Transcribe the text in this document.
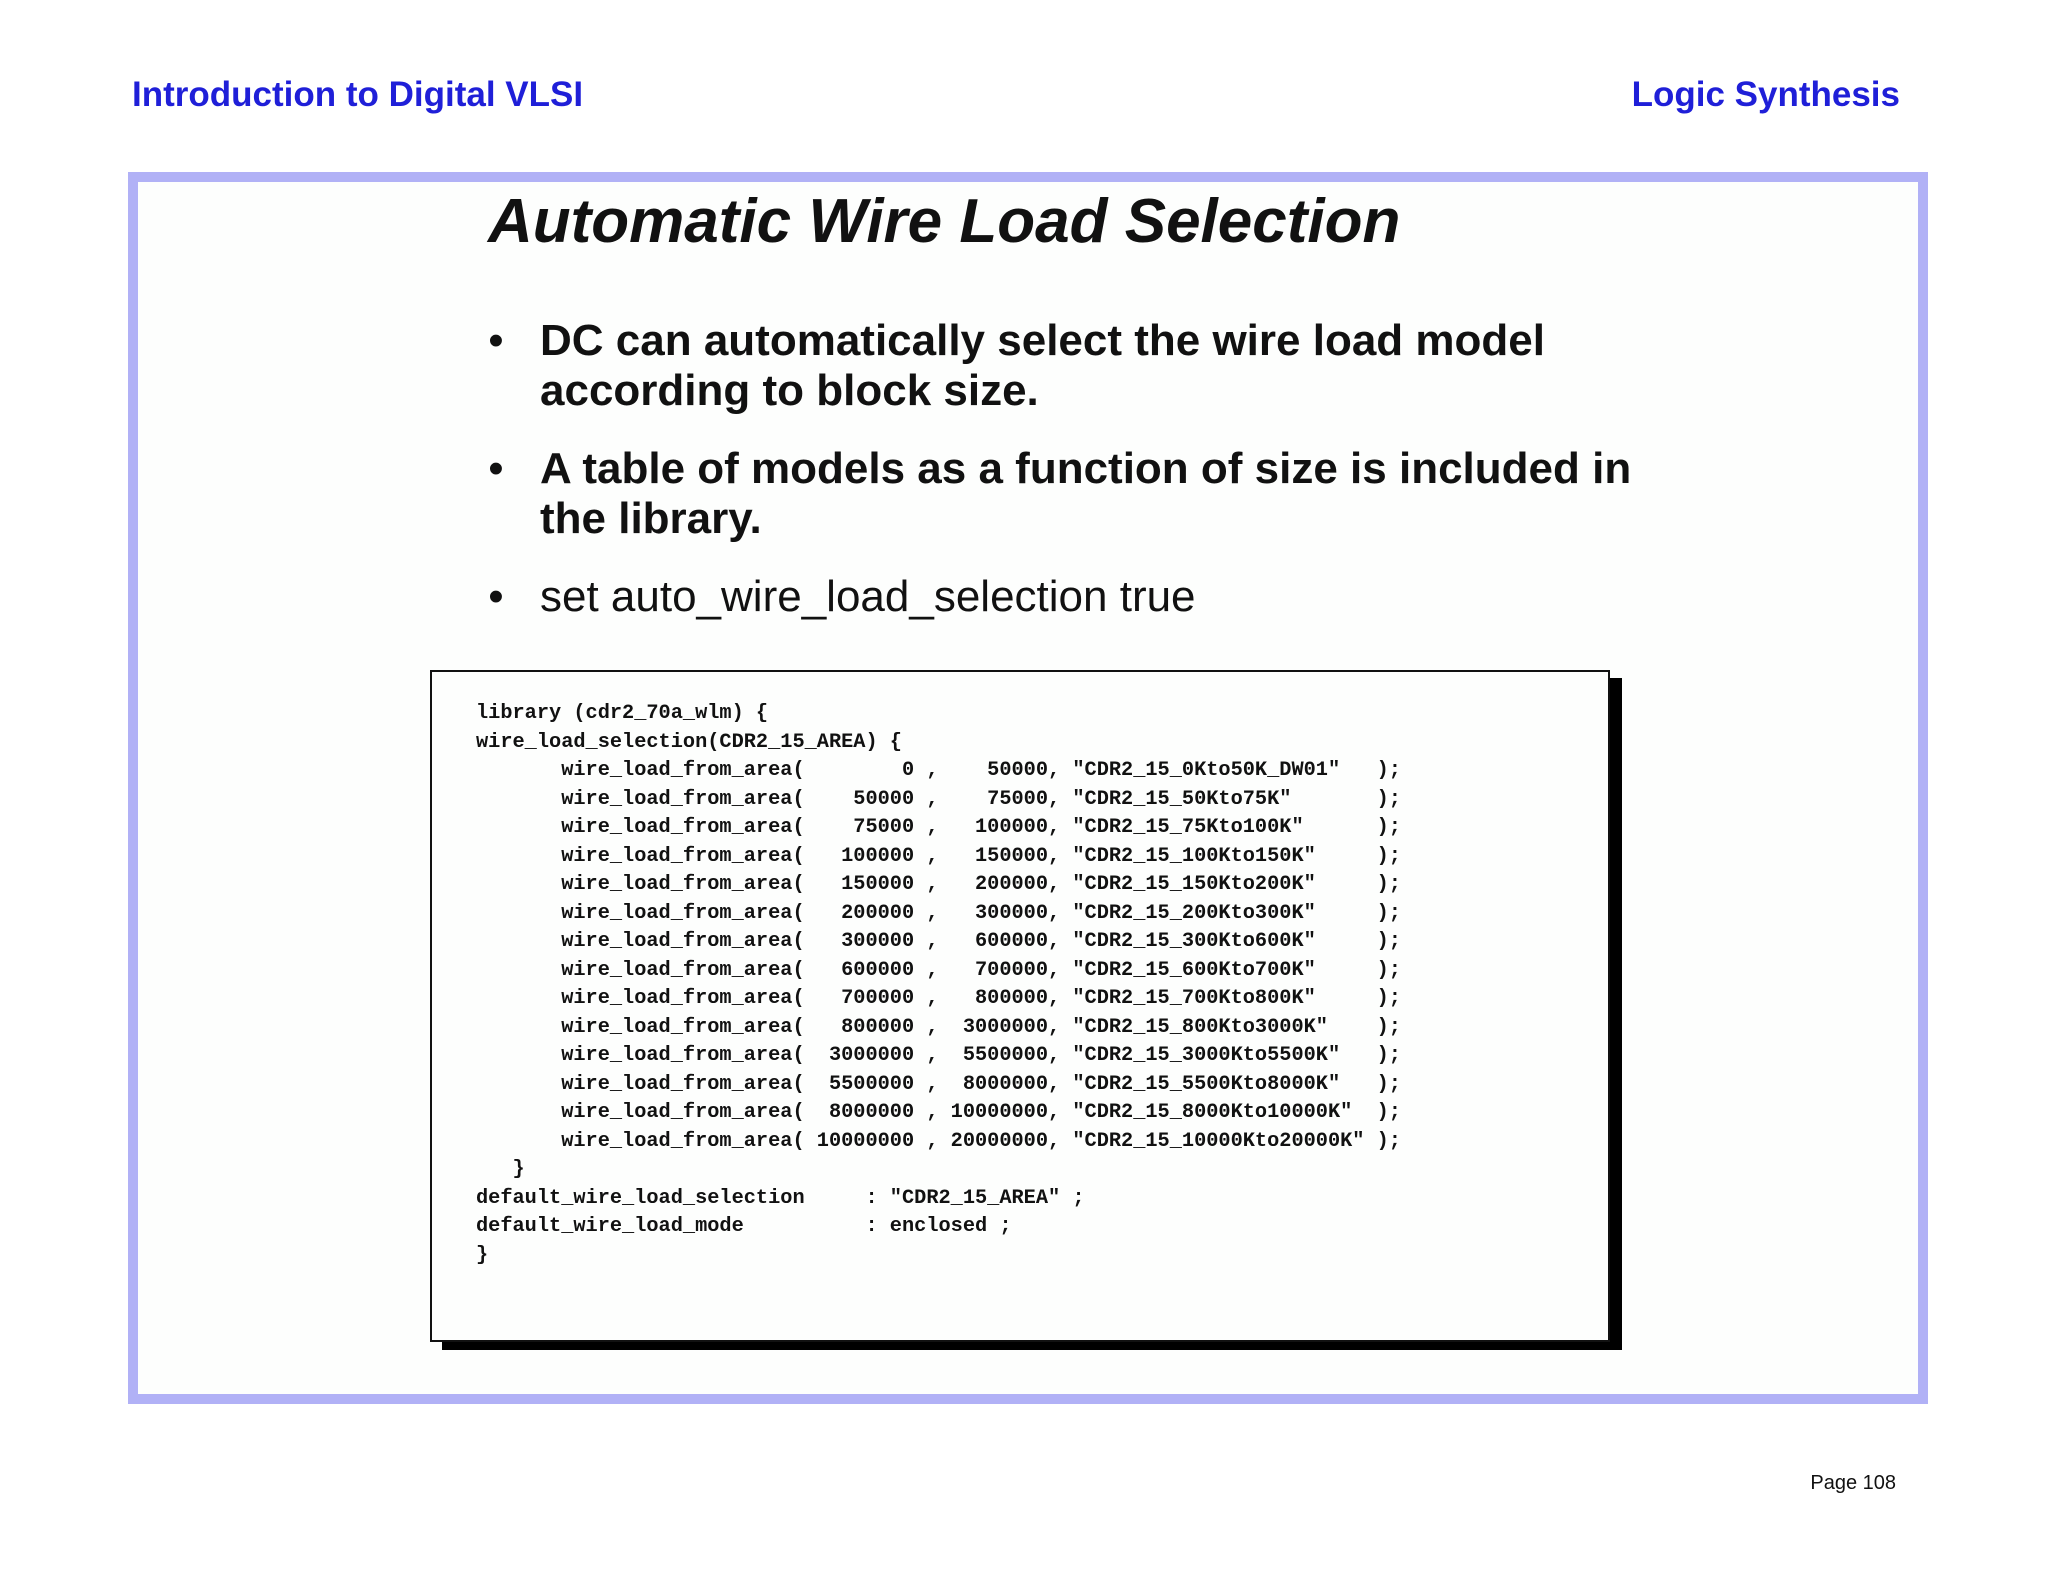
Introduction to Digital VLSI	Logic Synthesis
Automatic Wire Load Selection
• DC can automatically select the wire load model according to block size.
• A table of models as a function of size is included in the library.
• set auto_wire_load_selection true
library (cdr2_70a_wlm) {
wire_load_selection(CDR2_15_AREA) {
wire_load_from_area(        0 ,    50000, "CDR2_15_0Kto50K_DW01"   );
wire_load_from_area(    50000 ,    75000, "CDR2_15_50Kto75K"       );
wire_load_from_area(    75000 ,   100000, "CDR2_15_75Kto100K"      );
wire_load_from_area(   100000 ,   150000, "CDR2_15_100Kto150K"     );
wire_load_from_area(   150000 ,   200000, "CDR2_15_150Kto200K"     );
wire_load_from_area(   200000 ,   300000, "CDR2_15_200Kto300K"     );
wire_load_from_area(   300000 ,   600000, "CDR2_15_300Kto600K"     );
wire_load_from_area(   600000 ,   700000, "CDR2_15_600Kto700K"     );
wire_load_from_area(   700000 ,   800000, "CDR2_15_700Kto800K"     );
wire_load_from_area(   800000 ,  3000000, "CDR2_15_800Kto3000K"    );
wire_load_from_area(  3000000 ,  5500000, "CDR2_15_3000Kto5500K"   );
wire_load_from_area(  5500000 ,  8000000, "CDR2_15_5500Kto8000K"   );
wire_load_from_area(  8000000 , 10000000, "CDR2_15_8000Kto10000K"  );
wire_load_from_area( 10000000 , 20000000, "CDR2_15_10000Kto20000K" );
}
default_wire_load_selection     : "CDR2_15_AREA" ;
default_wire_load_mode          : enclosed ;
}
Page 108
